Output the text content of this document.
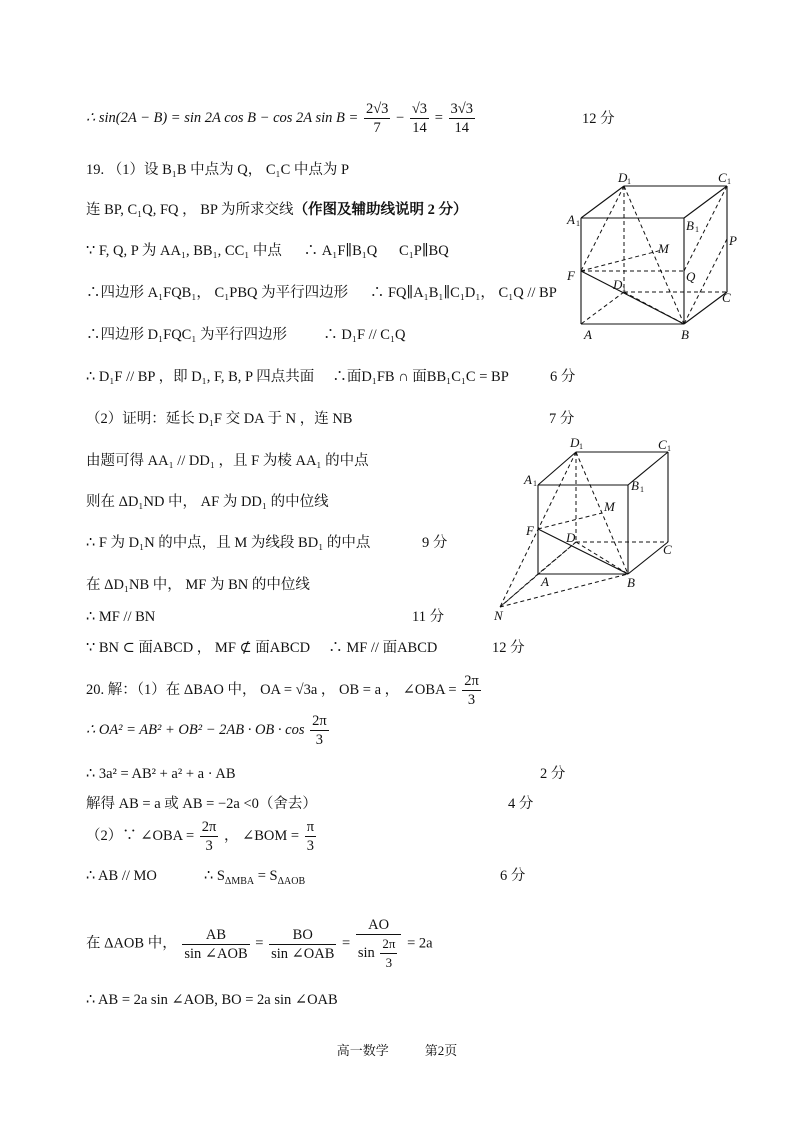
∴ sin(2A − B) = sin 2A cos B − cos 2A $\sin B = \frac{2√3}{7} - \frac{√3}{14} = \frac{3√3}{14}$	12 分
19. （1）设 B₁B 中点为 Q， C₁C 中点为 P
连 BP, C₁Q, FQ ， BP 为所求交线（作图及辅助线说明 2 分）
∵ F, Q, P 为 AA₁, BB₁, CC₁ 中点 　 ∴ A₁F∥B₁Q 　 C₁P∥BQ
∴四边形 A₁FQB₁， C₁PBQ 为平行四边形 　 ∴ FQ∥A₁B₁∥C₁D₁， C₁Q // BP
∴四边形 D₁FQC₁ 为平行四边形 　　 ∴ D₁F // C₁Q
∴ D₁F // BP ，即 D₁, F, B, P 四点共面 　∴面D₁FB ∩ 面BB₁C₁C = BP	6 分
（2）证明：延长 D₁F 交 DA 于 N ，连 NB	7 分
由题可得 AA₁ // DD₁ ，且 F 为棱 AA₁ 的中点
则在 ΔD₁ND 中， AF 为 DD₁ 的中位线
∴ F 为 D₁N 的中点，且 M 为线段 BD₁ 的中点	9 分
在 ΔD₁NB 中， MF 为 BN 的中位线
∴ MF // BN	11 分
∵ BN ⊂ 面ABCD ， MF ⊄ 面ABCD 　∴ MF // 面ABCD	12 分
20. 解：（1）在 ΔBAO 中， OA = √3a ， OB = a ， ∠OBA = $\frac{2\pi}{3}$
∴ OA² = AB² + OB² − 2AB · OB · $\cos \frac{2\pi}{3}$
∴ 3a² = AB² + a² + a · AB	2 分
解得 AB = a 或 AB = −2a <0（舍去）	4 分
（2）∵ ∠OBA = $\frac{2\pi}{3}$ ， ∠BOM = $\frac{\pi}{3}$
∴ AB // MO 　　　∴ $S_{\Delta MBA} = S_{\Delta AOB}$	6 分
在 ΔAOB 中， $\frac{AB}{\text{sin ∠AOB}} = \frac{BO}{\text{sin ∠OAB}} = \frac{AO}{\sin \frac{2\pi}{3}} = 2a$
∴ AB = 2a sin ∠AOB, BO = 2a sin ∠OAB
D 1	C 1
A 1	B 1
M
P
F	Q
D 1
C
A	B
D 1	C 1
A 1	B 1
M
F D
C
A	B
N
高一数学	第2页
